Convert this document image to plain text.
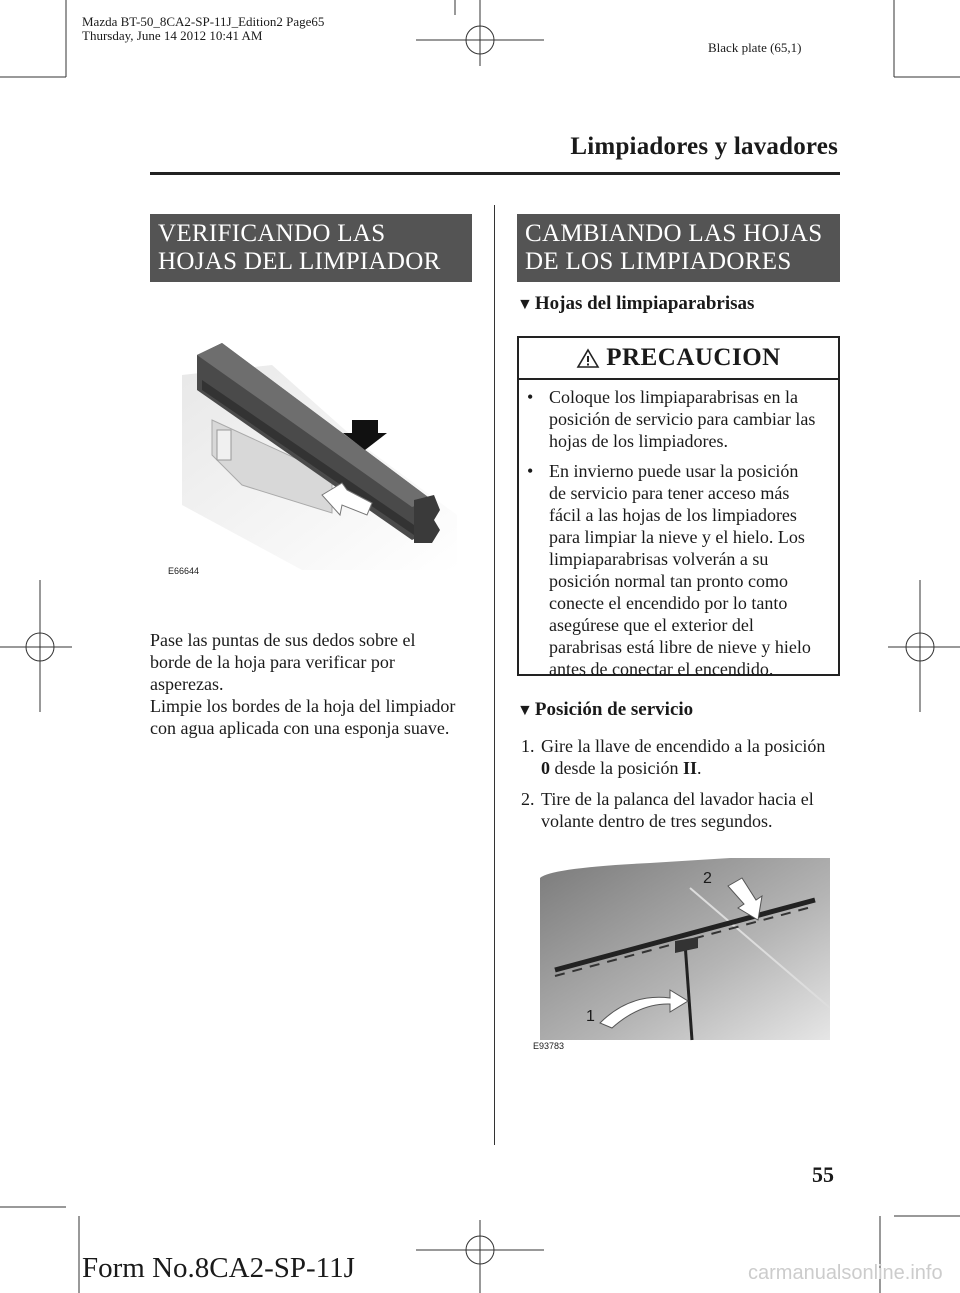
Mazda BT-50_8CA2-SP-11J_Edition2 Page65
Thursday, June 14 2012 10:41 AM
Black plate (65,1)
Limpiadores y lavadores
VERIFICANDO LAS
HOJAS DEL LIMPIADOR
E66644
Pase las puntas de sus dedos sobre el
borde de la hoja para verificar por
asperezas.
Limpie los bordes de la hoja del limpiador
con agua aplicada con una esponja suave.
CAMBIANDO LAS HOJAS
DE LOS LIMPIADORES
▼ Hojas del limpiaparabrisas
PRECAUCION
• Coloque los limpiaparabrisas en la
posición de servicio para cambiar las
hojas de los limpiadores.
• En invierno puede usar la posición
de servicio para tener acceso más
fácil a las hojas de los limpiadores
para limpiar la nieve y el hielo. Los
limpiaparabrisas volverán a su
posición normal tan pronto como
conecte el encendido por lo tanto
asegúrese que el exterior del
parabrisas está libre de nieve y hielo
antes de conectar el encendido.
▼ Posición de servicio
1. Gire la llave de encendido a la posición
0 desde la posición II.
2. Tire de la palanca del lavador hacia el
volante dentro de tres segundos.
1
2
E93783
55
Form No.8CA2-SP-11J	carmanualsonline.info
